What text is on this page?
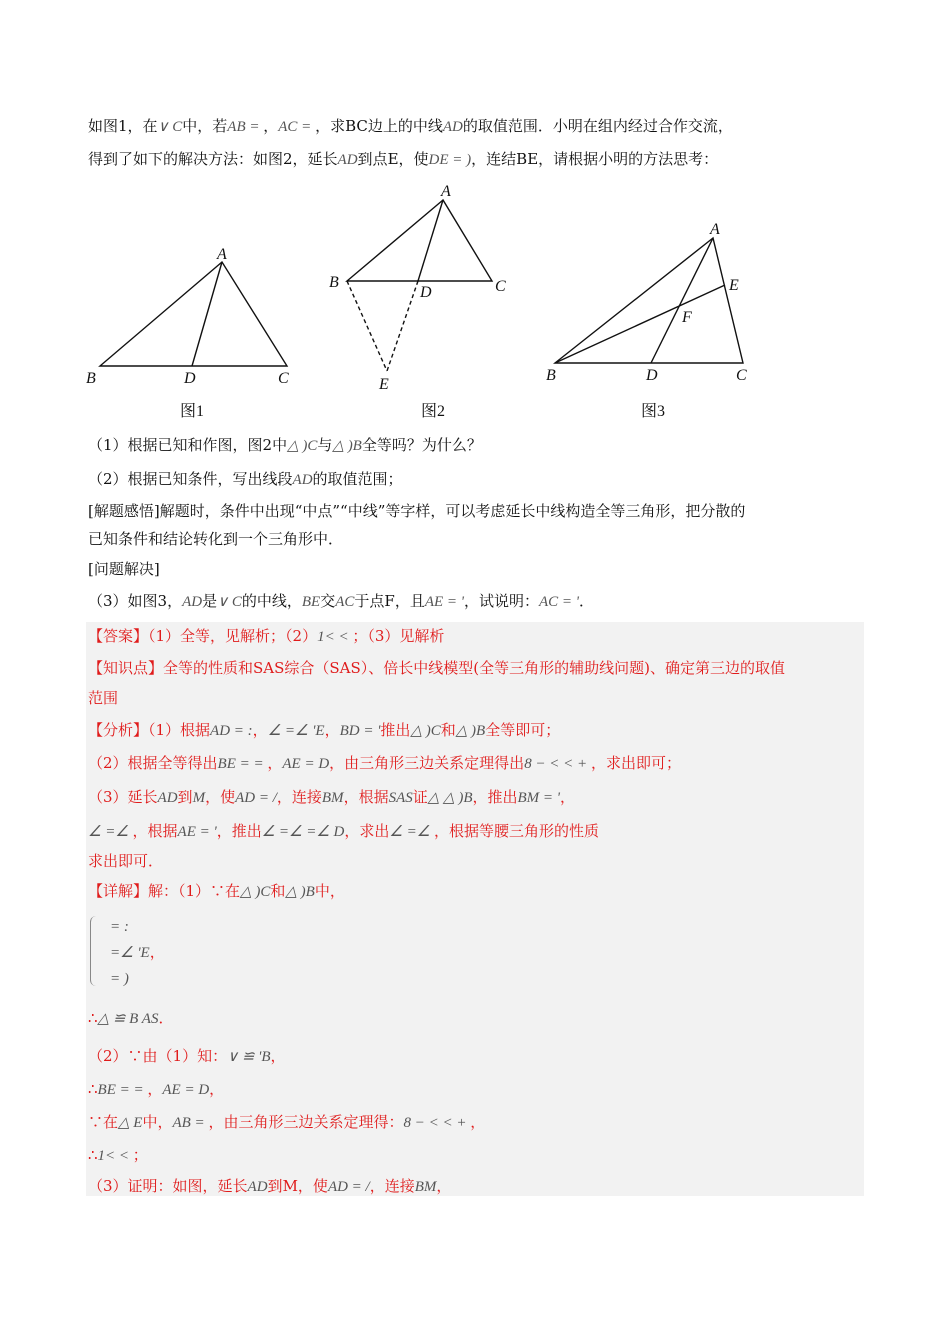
A
B	D	C
图1
A
B	C
D
E
图2
A
E
F
B	D	C
图3
如图1，在∨ C中，若AB = ，AC = ，求BC边上的中线AD的取值范围．小明在组内经过合作交流，
得到了如下的解决方法：如图2，延长AD到点E，使DE = )，连结BE，请根据小明的方法思考：
（1）根据已知和作图，图2中△ )C与△ )B全等吗？为什么？
（2）根据已知条件，写出线段AD的取值范围；
[解题感悟]解题时，条件中出现“中点”“中线”等字样，可以考虑延长中线构造全等三角形，把分散的
已知条件和结论转化到一个三角形中．
[问题解决]
（3）如图3，AD是∨ C的中线，BE交AC于点F，且AE = '，试说明：AC = '．
【答案】（1）全等，见解析；（2）1< < ；（3）见解析
【知识点】全等的性质和SAS综合（SAS）、倍长中线模型(全等三角形的辅助线问题)、确定第三边的取值
范围
【分析】（1）根据AD = :，∠ =∠ 'E，BD = '推出△ )C和△ )B全等即可；
（2）根据全等得出BE = = ，AE = D，由三角形三边关系定理得出8 − < < + ，求出即可；
（3）延长AD到M，使AD = /，连接BM，根据SAS证△ △ )B，推出BM = '，
∠ =∠ ，根据AE = '，推出∠ =∠ =∠ D，求出∠ =∠ ，根据等腰三角形的性质
求出即可．
【详解】解：（1）∵在△ )C和△ )B中，
= :
=∠ 'E，
= )
∴△ ≌ B AS．
（2）∵由（1）知：∨ ≌ 'B，
∴BE = = ，AE = D，
∵在△ E中，AB = ，由三角形三边关系定理得：8 − < < + ，
∴1< < ；
（3）证明：如图，延长AD到M，使AD = /，连接BM，
